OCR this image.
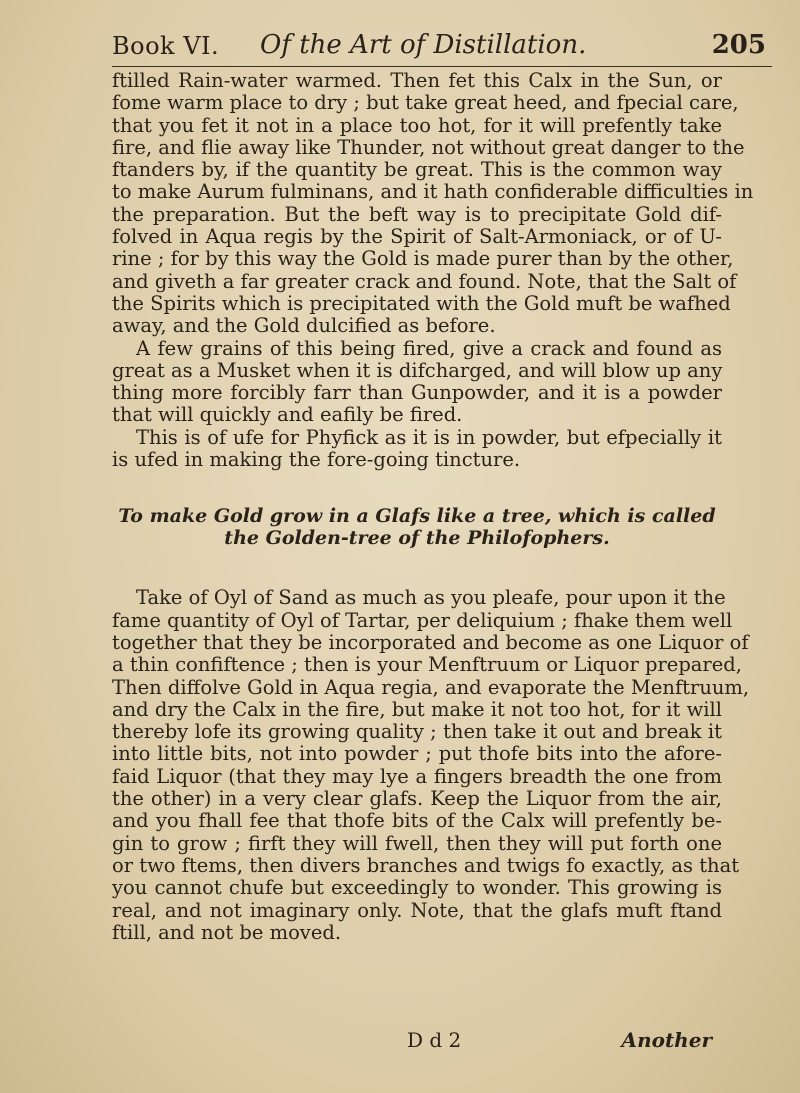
Book VI. Of the Art of Distillation.	205
ftilled Rain-water warmed. Then fet this Calx in the Sun, or
fome warm place to dry ; but take great heed, and fpecial care,
that you fet it not in a place too hot, for it will prefently take
fire, and flie away like Thunder, not without great danger to the
ftanders by, if the quantity be great. This is the common way
to make Aurum fulminans, and it hath confiderable difficulties in
the preparation. But the beft way is to precipitate Gold dif-
folved in Aqua regis by the Spirit of Salt-Armoniack, or of U-
rine ; for by this way the Gold is made purer than by the other,
and giveth a far greater crack and found. Note, that the Salt of
the Spirits which is precipitated with the Gold muft be wafhed
away, and the Gold dulcified as before.
A few grains of this being fired, give a crack and found as
great as a Musket when it is difcharged, and will blow up any
thing more forcibly farr than Gunpowder, and it is a powder
that will quickly and eafily be fired.
This is of ufe for Phyfick as it is in powder, but efpecially it
is ufed in making the fore-going tincture.
To make Gold grow in a Glafs like a tree, which is called
the Golden-tree of the Philofophers.
Take of Oyl of Sand as much as you pleafe, pour upon it the
fame quantity of Oyl of Tartar, per deliquium ; fhake them well
together that they be incorporated and become as one Liquor of
a thin confiftence ; then is your Menftruum or Liquor prepared,
Then diffolve Gold in Aqua regia, and evaporate the Menftruum,
and dry the Calx in the fire, but make it not too hot, for it will
thereby lofe its growing quality ; then take it out and break it
into little bits, not into powder ; put thofe bits into the afore-
faid Liquor (that they may lye a fingers breadth the one from
the other) in a very clear glafs. Keep the Liquor from the air,
and you fhall fee that thofe bits of the Calx will prefently be-
gin to grow ; firft they will fwell, then they will put forth one
or two ftems, then divers branches and twigs fo exactly, as that
you cannot chufe but exceedingly to wonder. This growing is
real, and not imaginary only. Note, that the glafs muft ftand
ftill, and not be moved.
D d 2	Another
